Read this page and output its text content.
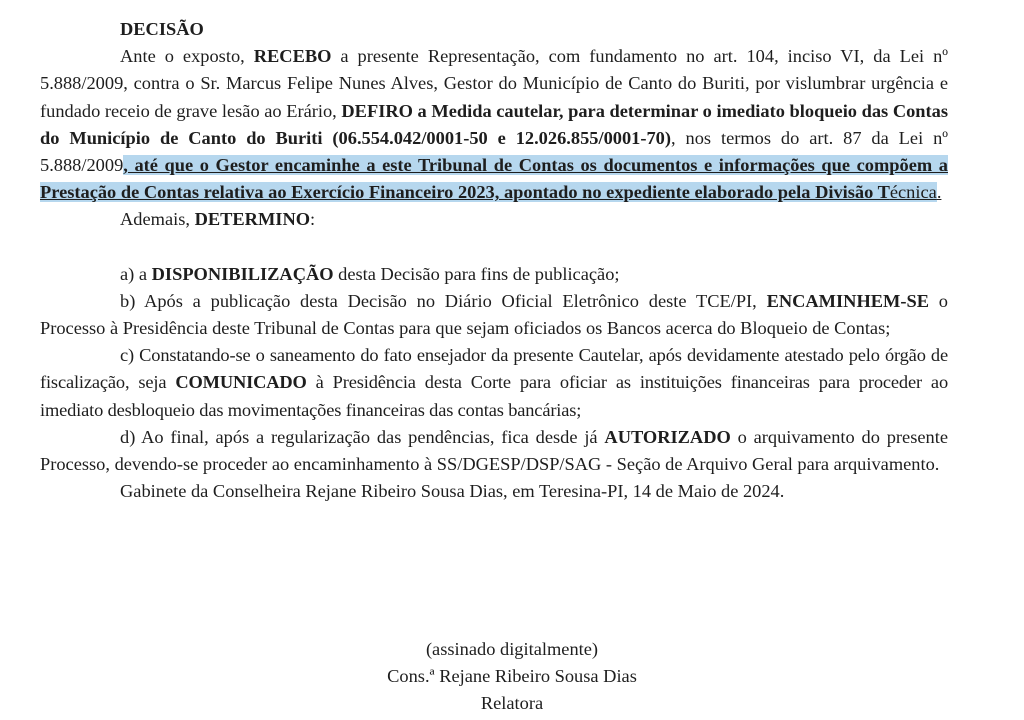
DECISÃO

Ante o exposto, RECEBO a presente Representação, com fundamento no art. 104, inciso VI, da Lei nº 5.888/2009, contra o Sr. Marcus Felipe Nunes Alves, Gestor do Município de Canto do Buriti, por vislumbrar urgência e fundado receio de grave lesão ao Erário, DEFIRO a Medida cautelar, para determinar o imediato bloqueio das Contas do Município de Canto do Buriti (06.554.042/0001-50 e 12.026.855/0001-70), nos termos do art. 87 da Lei nº 5.888/2009, até que o Gestor encaminhe a este Tribunal de Contas os documentos e informações que compõem a Prestação de Contas relativa ao Exercício Financeiro 2023, apontado no expediente elaborado pela Divisão Técnica.

Ademais, DETERMINO:

a) a DISPONIBILIZAÇÃO desta Decisão para fins de publicação;

b) Após a publicação desta Decisão no Diário Oficial Eletrônico deste TCE/PI, ENCAMINHEM-SE o Processo à Presidência deste Tribunal de Contas para que sejam oficiados os Bancos acerca do Bloqueio de Contas;

c) Constatando-se o saneamento do fato ensejador da presente Cautelar, após devidamente atestado pelo órgão de fiscalização, seja COMUNICADO à Presidência desta Corte para oficiar as instituições financeiras para proceder ao imediato desbloqueio das movimentações financeiras das contas bancárias;

d) Ao final, após a regularização das pendências, fica desde já AUTORIZADO o arquivamento do presente Processo, devendo-se proceder ao encaminhamento à SS/DGESP/DSP/SAG - Seção de Arquivo Geral para arquivamento.

Gabinete da Conselheira Rejane Ribeiro Sousa Dias, em Teresina-PI, 14 de Maio de 2024.

(assinado digitalmente)
Cons.ª Rejane Ribeiro Sousa Dias
Relatora
